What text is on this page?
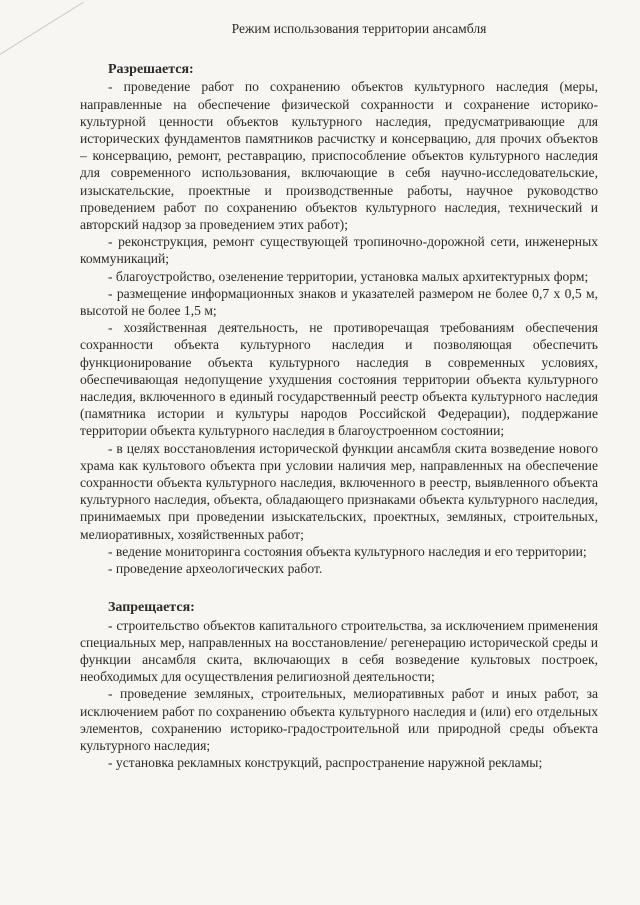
Режим использования территории ансамбля

Разрешается:

- проведение работ по сохранению объектов культурного наследия (меры, направленные на обеспечение физической сохранности и сохранение историко-культурной ценности объектов культурного наследия, предусматривающие для исторических фундаментов памятников расчистку и консервацию, для прочих объектов – консервацию, ремонт, реставрацию, приспособление объектов культурного наследия для современного использования, включающие в себя научно-исследовательские, изыскательские, проектные и производственные работы, научное руководство проведением работ по сохранению объектов культурного наследия, технический и авторский надзор за проведением этих работ);

- реконструкция, ремонт существующей тропиночно-дорожной сети, инженерных коммуникаций;

- благоустройство, озеленение территории, установка малых архитектурных форм;

- размещение информационных знаков и указателей размером не более 0,7 х 0,5 м, высотой не более 1,5 м;

- хозяйственная деятельность, не противоречащая требованиям обеспечения сохранности объекта культурного наследия и позволяющая обеспечить функционирование объекта культурного наследия в современных условиях, обеспечивающая недопущение ухудшения состояния территории объекта культурного наследия, включенного в единый государственный реестр объекта культурного наследия (памятника истории и культуры народов Российской Федерации), поддержание территории объекта культурного наследия в благоустроенном состоянии;

- в целях восстановления исторической функции ансамбля скита возведение нового храма как культового объекта при условии наличия мер, направленных на обеспечение сохранности объекта культурного наследия, включенного в реестр, выявленного объекта культурного наследия, объекта, обладающего признаками объекта культурного наследия, принимаемых при проведении изыскательских, проектных, земляных, строительных, мелиоративных, хозяйственных работ;

- ведение мониторинга состояния объекта культурного наследия и его территории;

- проведение археологических работ.

Запрещается:

- строительство объектов капитального строительства, за исключением применения специальных мер, направленных на восстановление/ регенерацию исторической среды и функции ансамбля скита, включающих в себя возведение культовых построек, необходимых для осуществления религиозной деятельности;

- проведение земляных, строительных, мелиоративных работ и иных работ, за исключением работ по сохранению объекта культурного наследия и (или) его отдельных элементов, сохранению историко-градостроительной или природной среды объекта культурного наследия;

- установка рекламных конструкций, распространение наружной рекламы;
